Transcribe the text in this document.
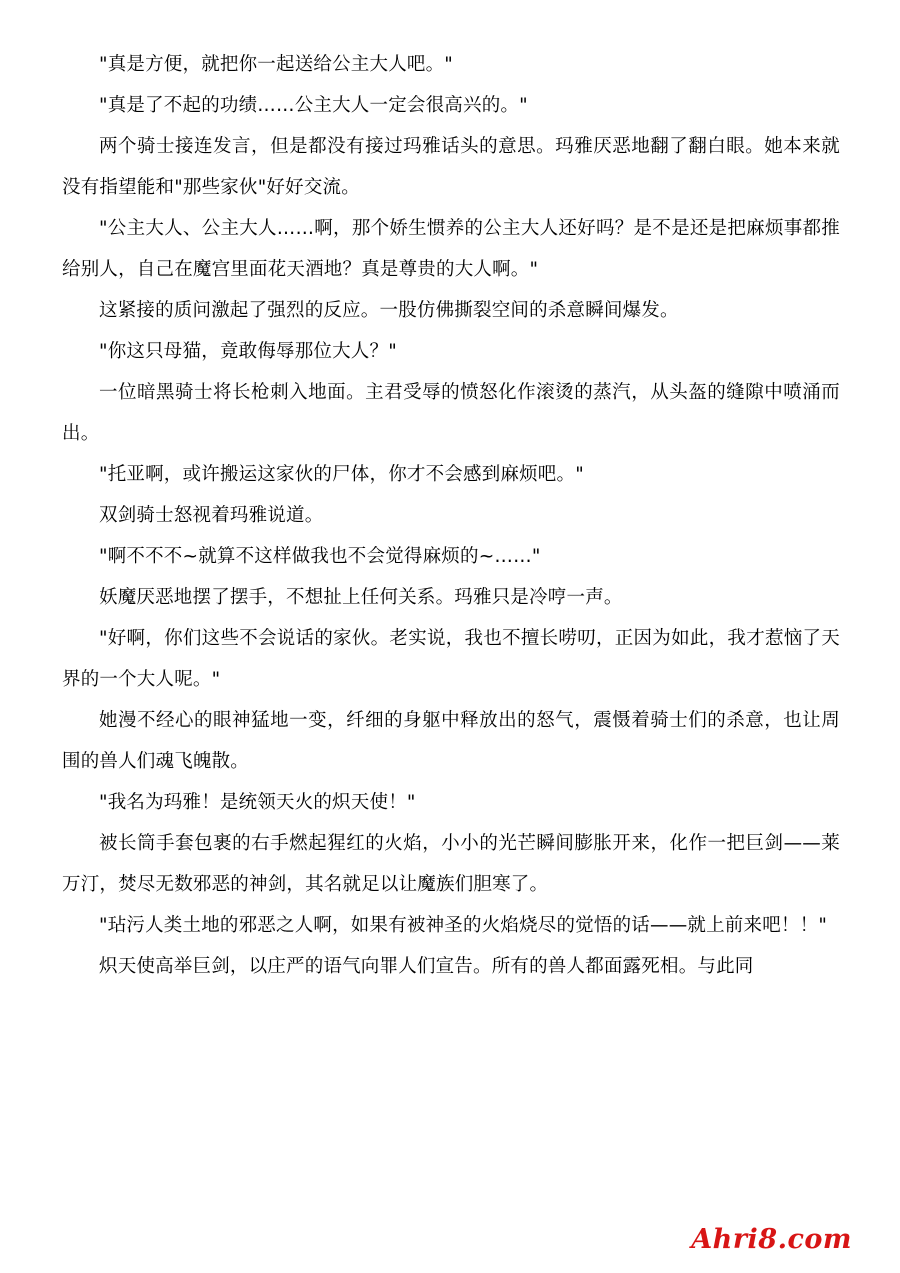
"真是方便，就把你一起送给公主大人吧。"

"真是了不起的功绩……公主大人一定会很高兴的。"

两个骑士接连发言，但是都没有接过玛雅话头的意思。玛雅厌恶地翻了翻白眼。她本来就没有指望能和"那些家伙"好好交流。

"公主大人、公主大人……啊，那个娇生惯养的公主大人还好吗？是不是还是把麻烦事都推给别人，自己在魔宫里面花天酒地？真是尊贵的大人啊。"

这紧接的质问激起了强烈的反应。一股仿佛撕裂空间的杀意瞬间爆发。

"你这只母猫，竟敢侮辱那位大人？"

一位暗黑骑士将长枪刺入地面。主君受辱的愤怒化作滚烫的蒸汽，从头盔的缝隙中喷涌而出。

"托亚啊，或许搬运这家伙的尸体，你才不会感到麻烦吧。"

双剑骑士怒视着玛雅说道。

"啊不不不~就算不这样做我也不会觉得麻烦的~……"

妖魔厌恶地摆了摆手，不想扯上任何关系。玛雅只是冷哼一声。

"好啊，你们这些不会说话的家伙。老实说，我也不擅长唠叨，正因为如此，我才惹恼了天界的一个大人呢。"

她漫不经心的眼神猛地一变，纤细的身躯中释放出的怒气，震慑着骑士们的杀意，也让周围的兽人们魂飞魄散。

"我名为玛雅！是统领天火的炽天使！"

被长筒手套包裹的右手燃起猩红的火焰，小小的光芒瞬间膨胀开来，化作一把巨剑——莱万汀，焚尽无数邪恶的神剑，其名就足以让魔族们胆寒了。

"玷污人类土地的邪恶之人啊，如果有被神圣的火焰烧尽的觉悟的话——就上前来吧！！"

炽天使高举巨剑，以庄严的语气向罪人们宣告。所有的兽人都面露死相。与此同

Ahri8.com
